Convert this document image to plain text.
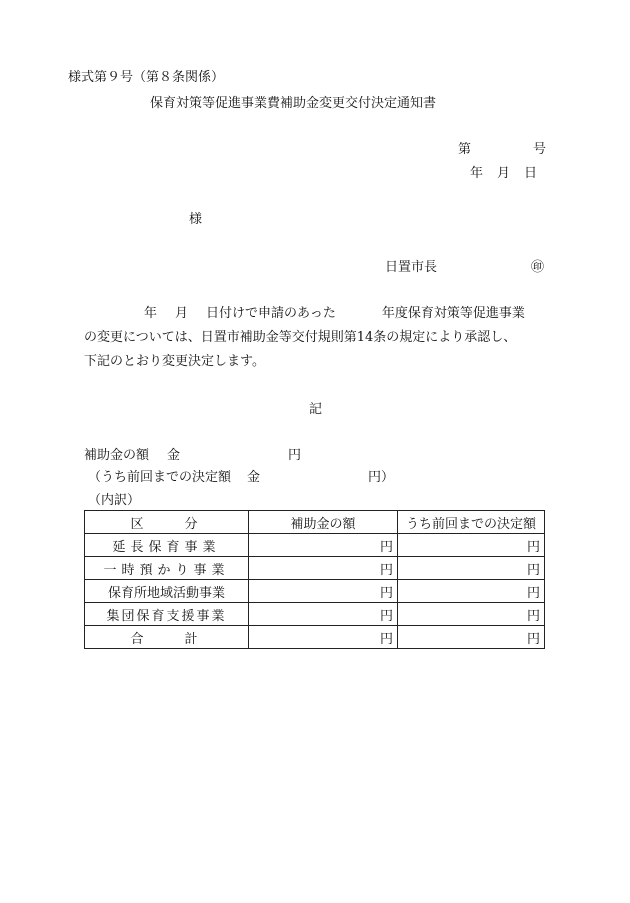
様式第９号（第８条関係）
保育対策等促進事業費補助金変更交付決定通知書
第	号
年 月 日
様
日置市長	㊞
年 月 日付けで申請のあった	年度保育対策等促進事業
の変更については、日置市補助金等交付規則第14条の規定により承認し、
下記のとおり変更決定します。
記
補助金の額 金	円
（うち前回までの決定額 金	円）
（内訳）
区　　分	補助金の額	うち前回までの決定額
延長保育事業	円	円
一時預かり事業	円	円
保育所地域活動事業	円	円
集団保育支援事業	円	円
合　　計	円	円
